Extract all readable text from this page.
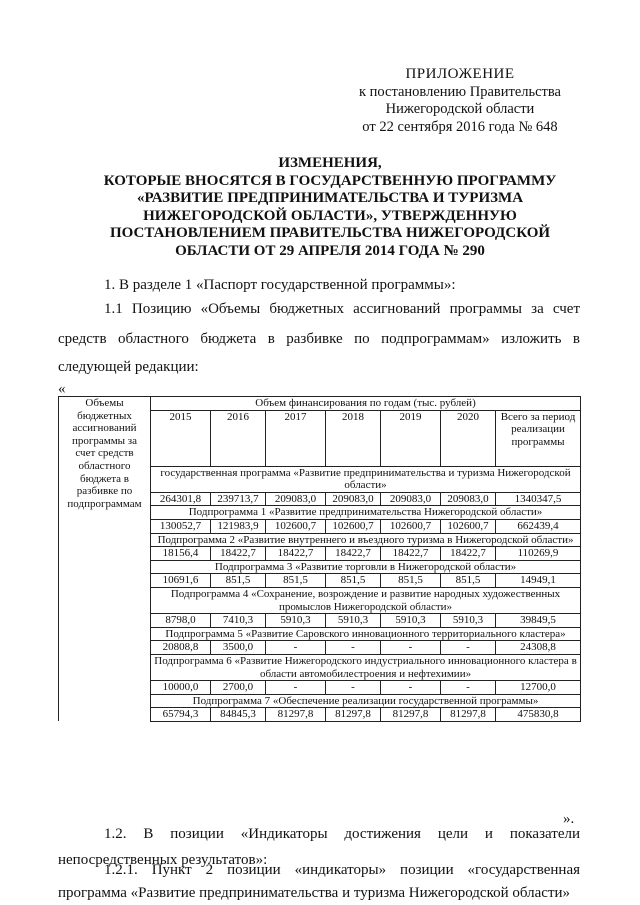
ПРИЛОЖЕНИЕ
к постановлению Правительства
Нижегородской области
от 22 сентября 2016 года № 648
ИЗМЕНЕНИЯ,
КОТОРЫЕ ВНОСЯТСЯ В ГОСУДАРСТВЕННУЮ ПРОГРАММУ
«РАЗВИТИЕ ПРЕДПРИНИМАТЕЛЬСТВА И ТУРИЗМА
НИЖЕГОРОДСКОЙ ОБЛАСТИ», УТВЕРЖДЕННУЮ
ПОСТАНОВЛЕНИЕМ ПРАВИТЕЛЬСТВА НИЖЕГОРОДСКОЙ
ОБЛАСТИ ОТ 29 АПРЕЛЯ 2014 ГОДА № 290
1. В разделе 1 «Паспорт государственной программы»:
1.1 Позицию «Объемы бюджетных ассигнований программы за счет
средств областного бюджета в разбивке по подпрограммам» изложить в
следующей редакции:
«
Объемы бюджетных ассигнований программы за счет средств областного бюджета в разбивке по подпрограммам	Объем финансирования по годам (тыс. рублей)						
	2015	2016	2017	2018	2019	2020	Всего за период реализации программы
	государственная программа «Развитие предпринимательства и туризма Нижегородской области»						
	264301,8	239713,7	209083,0	209083,0	209083,0	209083,0	1340347,5
	Подпрограмма 1 «Развитие предпринимательства Нижегородской области»						
	130052,7	121983,9	102600,7	102600,7	102600,7	102600,7	662439,4
	Подпрограмма 2 «Развитие внутреннего и въездного туризма в Нижегородской области»						
	18156,4	18422,7	18422,7	18422,7	18422,7	18422,7	110269,9
	Подпрограмма 3 «Развитие торговли в Нижегородской области»						
	10691,6	851,5	851,5	851,5	851,5	851,5	14949,1
	Подпрограмма 4 «Сохранение, возрождение и развитие народных художественных промыслов Нижегородской области»						
	8798,0	7410,3	5910,3	5910,3	5910,3	5910,3	39849,5
	Подпрограмма 5 «Развитие Саровского инновационного территориального кластера»						
	20808,8	3500,0	-	-	-	-	24308,8
	Подпрограмма 6 «Развитие Нижегородского индустриального инновационного кластера в области автомобилестроения и нефтехимии»						
	10000,0	2700,0	-	-	-	-	12700,0
	Подпрограмма 7 «Обеспечение реализации государственной программы»						
	65794,3	84845,3	81297,8	81297,8	81297,8	81297,8	475830,8
».
1.2. В позиции «Индикаторы достижения цели и показатели
непосредственных результатов»:
1.2.1. Пункт 2 позиции «индикаторы» позиции «государственная
программа «Развитие предпринимательства и туризма Нижегородской области»
